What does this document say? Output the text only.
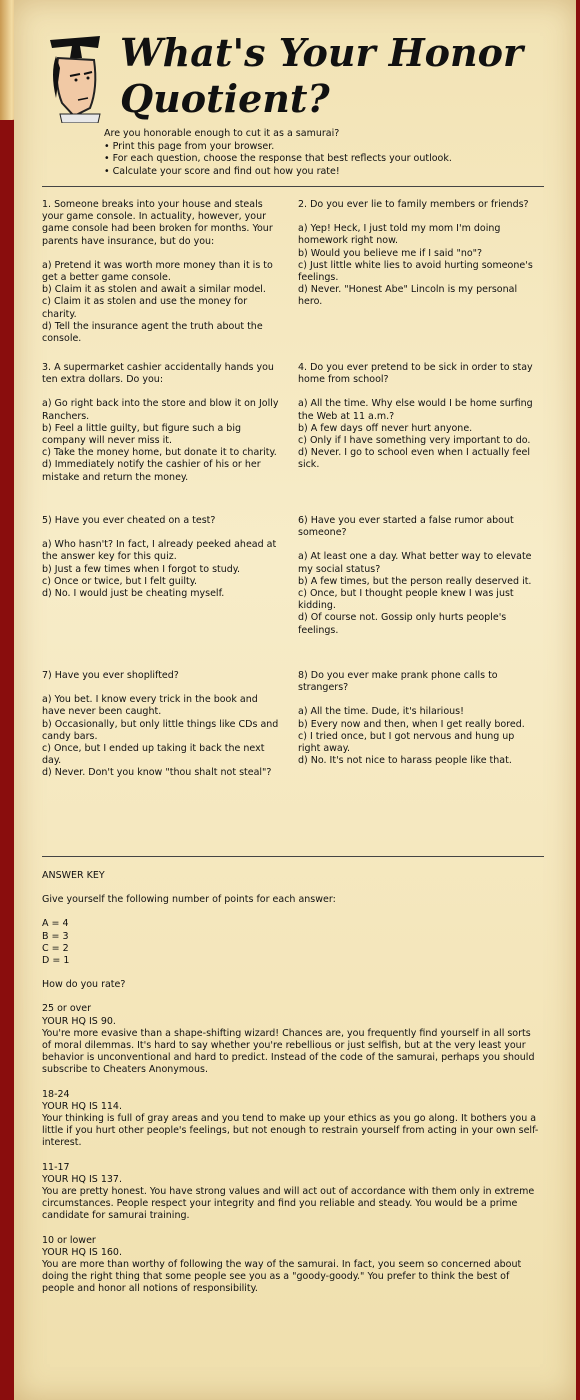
What's Your Honor Quotient?
Are you honorable enough to cut it as a samurai?
• Print this page from your browser.
• For each question, choose the response that best reflects your outlook.
• Calculate your score and find out how you rate!

1. Someone breaks into your house and steals your game console. In actuality, however, your game console had been broken for months. Your parents have insurance, but do you:

a) Pretend it was worth more money than it is to get a better game console.

b) Claim it as stolen and await a similar model.

c) Claim it as stolen and use the money for charity.

d) Tell the insurance agent the truth about the console.

2. Do you ever lie to family members or friends?

a) Yep! Heck, I just told my mom I'm doing homework right now.

b) Would you believe me if I said "no"?

c) Just little white lies to avoid hurting someone's feelings.

d) Never. "Honest Abe" Lincoln is my personal hero.

3. A supermarket cashier accidentally hands you ten extra dollars. Do you:

a) Go right back into the store and blow it on Jolly Ranchers.

b) Feel a little guilty, but figure such a big company will never miss it.

c) Take the money home, but donate it to charity.

d) Immediately notify the cashier of his or her mistake and return the money.

4. Do you ever pretend to be sick in order to stay home from school?

a) All the time. Why else would I be home surfing the Web at 11 a.m.?

b) A few days off never hurt anyone.

c) Only if I have something very important to do.

d) Never. I go to school even when I actually feel sick.

5) Have you ever cheated on a test?

a) Who hasn't? In fact, I already peeked ahead at the answer key for this quiz.

b) Just a few times when I forgot to study.

c) Once or twice, but I felt guilty.

d) No. I would just be cheating myself.

6) Have you ever started a false rumor about someone?

a) At least one a day. What better way to elevate my social status?

b) A few times, but the person really deserved it.

c) Once, but I thought people knew I was just kidding.

d) Of course not. Gossip only hurts people's feelings.

7) Have you ever shoplifted?

a) You bet. I know every trick in the book and have never been caught.

b) Occasionally, but only little things like CDs and candy bars.

c) Once, but I ended up taking it back the next day.

d) Never. Don't you know "thou shalt not steal"?

8) Do you ever make prank phone calls to strangers?

a) All the time. Dude, it's hilarious!

b) Every now and then, when I get really bored.

c) I tried once, but I got nervous and hung up right away.

d) No. It's not nice to harass people like that.

ANSWER KEY

Give yourself the following number of points for each answer:

A = 4

B = 3

C = 2

D = 1

How do you rate?

25 or over

YOUR HQ IS 90.

You're more evasive than a shape-shifting wizard! Chances are, you frequently find yourself in all sorts of moral dilemmas. It's hard to say whether you're rebellious or just selfish, but at the very least your behavior is unconventional and hard to predict. Instead of the code of the samurai, perhaps you should subscribe to Cheaters Anonymous.

18-24

YOUR HQ IS 114.

Your thinking is full of gray areas and you tend to make up your ethics as you go along. It bothers you a little if you hurt other people's feelings, but not enough to restrain yourself from acting in your own self-interest.

11-17

YOUR HQ IS 137.

You are pretty honest. You have strong values and will act out of accordance with them only in extreme circumstances. People respect your integrity and find you reliable and steady. You would be a prime candidate for samurai training.

10 or lower

YOUR HQ IS 160.

You are more than worthy of following the way of the samurai. In fact, you seem so concerned about doing the right thing that some people see you as a "goody-goody." You prefer to think the best of people and honor all notions of responsibility.
